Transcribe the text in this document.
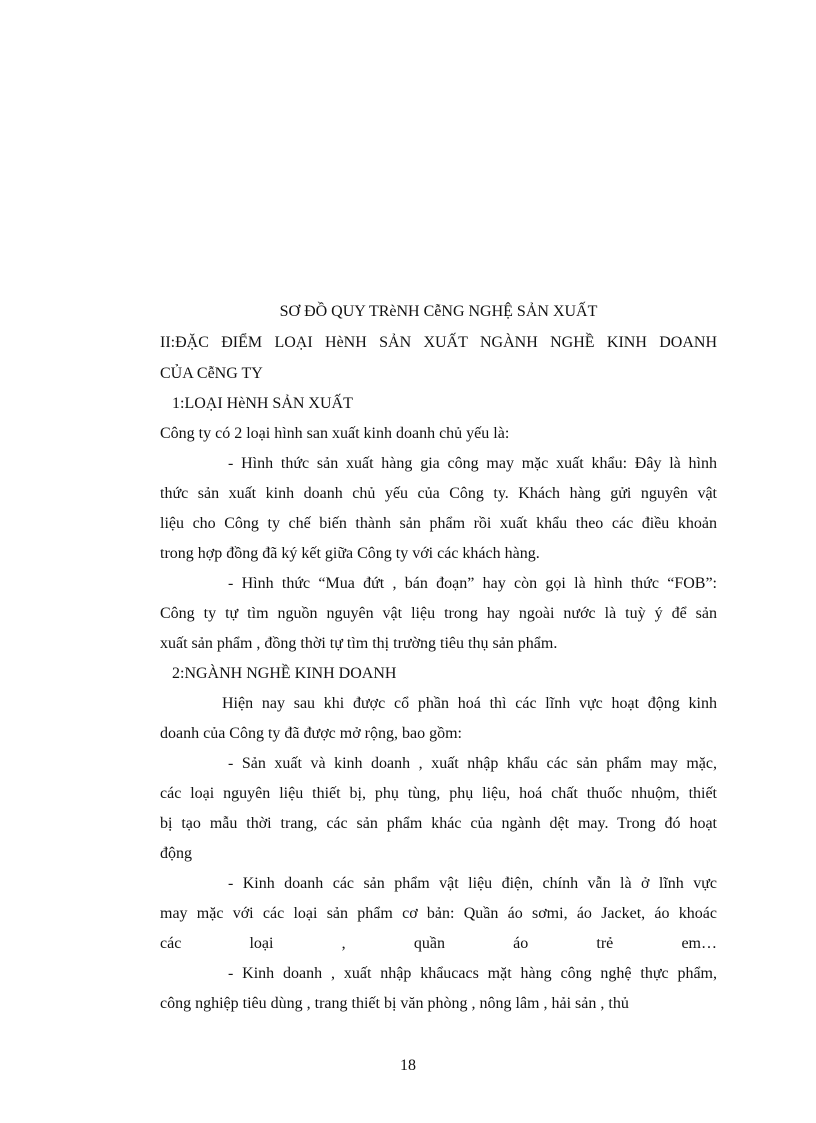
SƠ ĐỒ QUY TRèNH CễNG NGHỆ SẢN XUẤT
II:ĐẶC ĐIỂM LOẠI HèNH SẢN XUẤT NGÀNH NGHỀ KINH DOANH
CỦA CễNG TY
1:LOẠI HèNH SẢN XUẤT
Công ty có 2 loại hình san xuất kinh doanh chủ yếu là:
- Hình thức sản xuất hàng gia công may mặc xuất khẩu: Đây là hình
thức sản xuất kinh doanh chủ yếu của Công ty. Khách hàng gửi nguyên vật
liệu cho Công ty chế biến thành sản phẩm rồi xuất khẩu theo các điều khoản
trong hợp đồng đã ký kết giữa Công ty với các khách hàng.
- Hình thức “Mua đứt , bán đoạn” hay còn gọi là hình thức “FOB”:
Công ty tự tìm nguồn nguyên vật liệu trong hay ngoài nước là tuỳ ý để sản
xuất sản phẩm , đồng thời tự tìm thị trường tiêu thụ sản phẩm.
2:NGÀNH NGHỀ KINH DOANH
Hiện nay sau khi được cổ phần hoá thì các lĩnh vực hoạt động kinh
doanh của Công ty đã được mở rộng, bao gồm:
- Sản xuất và kinh doanh , xuất nhập khẩu các sản phẩm may mặc,
các loại nguyên liệu thiết bị, phụ tùng, phụ liệu, hoá chất thuốc nhuộm, thiết
bị tạo mẫu thời trang, các sản phẩm khác của ngành dệt may. Trong đó hoạt
động
- Kinh doanh các sản phẩm vật liệu điện, chính vẫn là ở lĩnh vực
may mặc với các loại sản phẩm cơ bản: Quần áo sơmi, áo Jacket, áo khoác
các loại , quần áo trẻ em…
- Kinh doanh , xuất nhập khẩucacs mặt hàng công nghệ thực phẩm,
công nghiệp tiêu dùng , trang thiết bị văn phòng , nông lâm , hải sản , thủ
18
